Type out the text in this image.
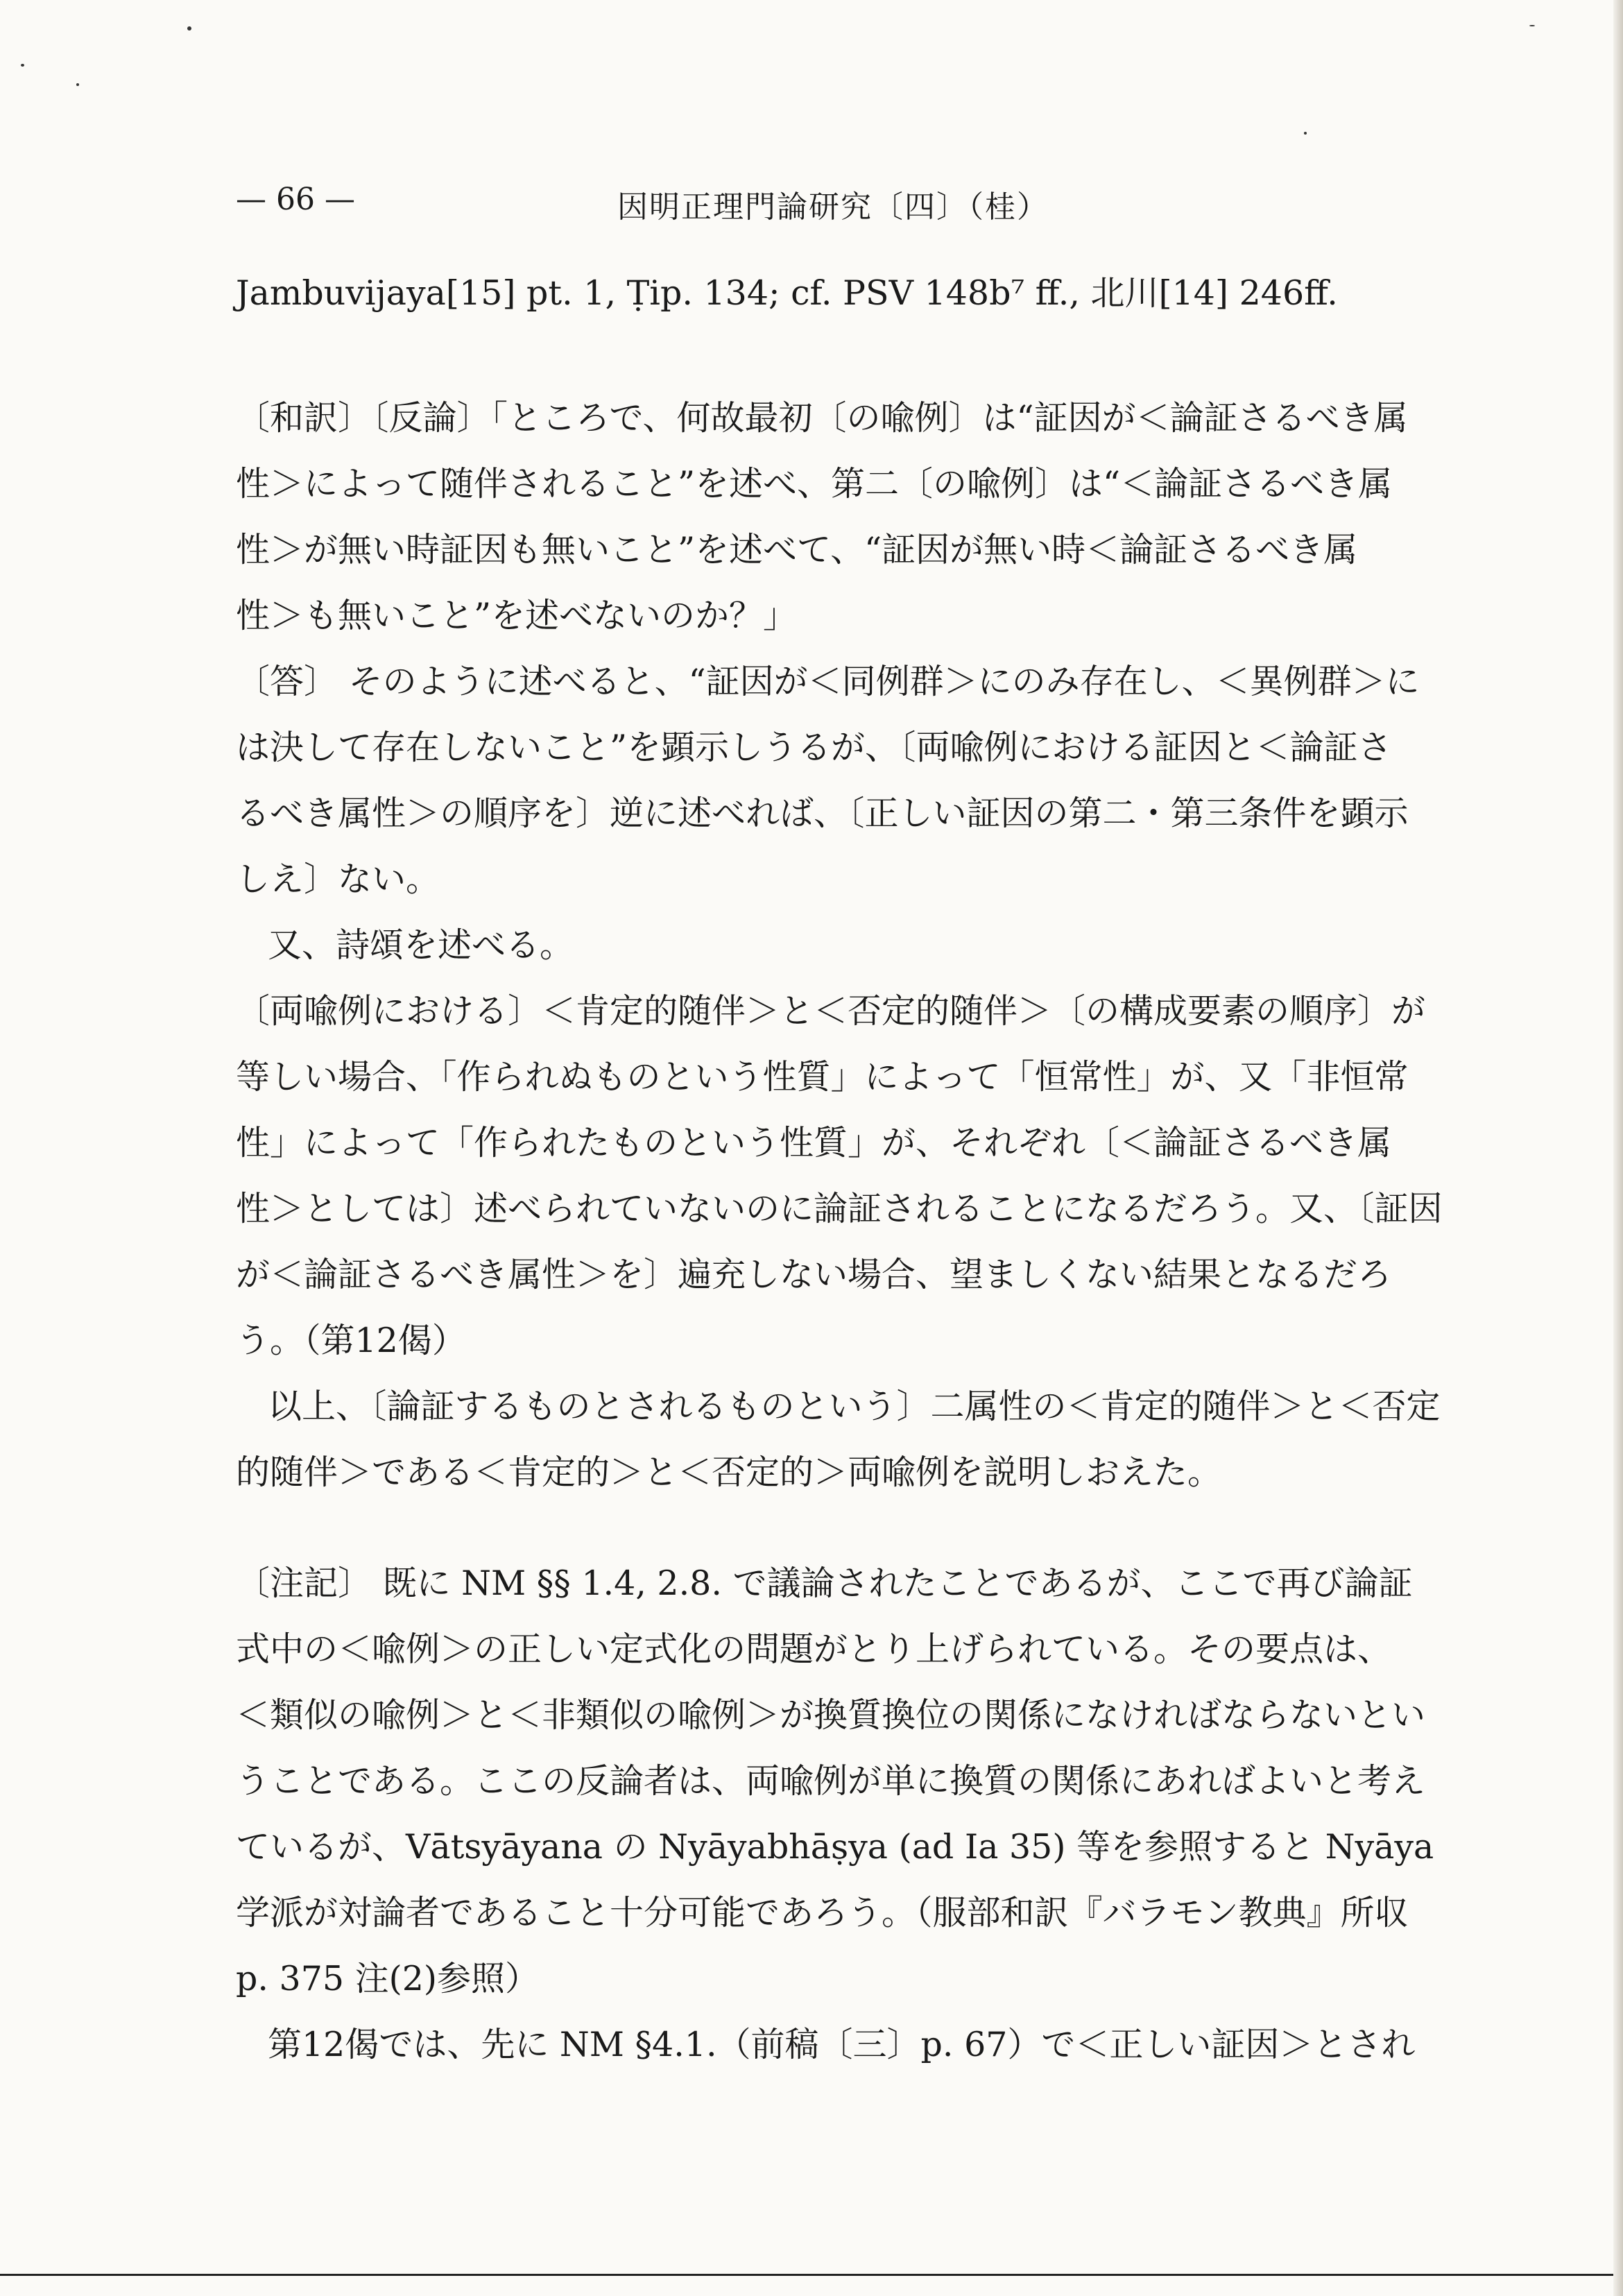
— 66 —	因明正理門論研究〔四〕（桂）
Jambuvijaya[15] pt. 1, Ṭip. 134; cf. PSV 148b⁷ ff., 北川[14] 246ff.
〔和訳〕〔反論〕「ところで、何故最初〔の喩例〕は“証因が＜論証さるべき属
性＞によって随伴されること”を述べ、第二〔の喩例〕は“＜論証さるべき属
性＞が無い時証因も無いこと”を述べて、“証因が無い時＜論証さるべき属
性＞も無いこと”を述べないのか？」
〔答〕 そのように述べると、“証因が＜同例群＞にのみ存在し、＜異例群＞に
は決して存在しないこと”を顕示しうるが、〔両喩例における証因と＜論証さ
るべき属性＞の順序を〕逆に述べれば、〔正しい証因の第二・第三条件を顕示
しえ〕ない。
又、詩頌を述べる。
〔両喩例における〕＜肯定的随伴＞と＜否定的随伴＞〔の構成要素の順序〕が
等しい場合、「作られぬものという性質」によって「恒常性」が、又「非恒常
性」によって「作られたものという性質」が、それぞれ〔＜論証さるべき属
性＞としては〕述べられていないのに論証されることになるだろう。又、〔証因
が＜論証さるべき属性＞を〕遍充しない場合、望ましくない結果となるだろ
う。（第12偈）
以上、〔論証するものとされるものという〕二属性の＜肯定的随伴＞と＜否定
的随伴＞である＜肯定的＞と＜否定的＞両喩例を説明しおえた。
〔注記〕 既に NM §§ 1.4, 2.8. で議論されたことであるが、ここで再び論証
式中の＜喩例＞の正しい定式化の問題がとり上げられている。その要点は、
＜類似の喩例＞と＜非類似の喩例＞が換質換位の関係になければならないとい
うことである。ここの反論者は、両喩例が単に換質の関係にあればよいと考え
ているが、Vātsyāyana の Nyāyabhāṣya (ad Ia 35) 等を参照すると Nyāya
学派が対論者であること十分可能であろう。（服部和訳『バラモン教典』所収
p. 375 注(2)参照）
第12偈では、先に NM §4.1.（前稿〔三〕p. 67）で＜正しい証因＞とされ
